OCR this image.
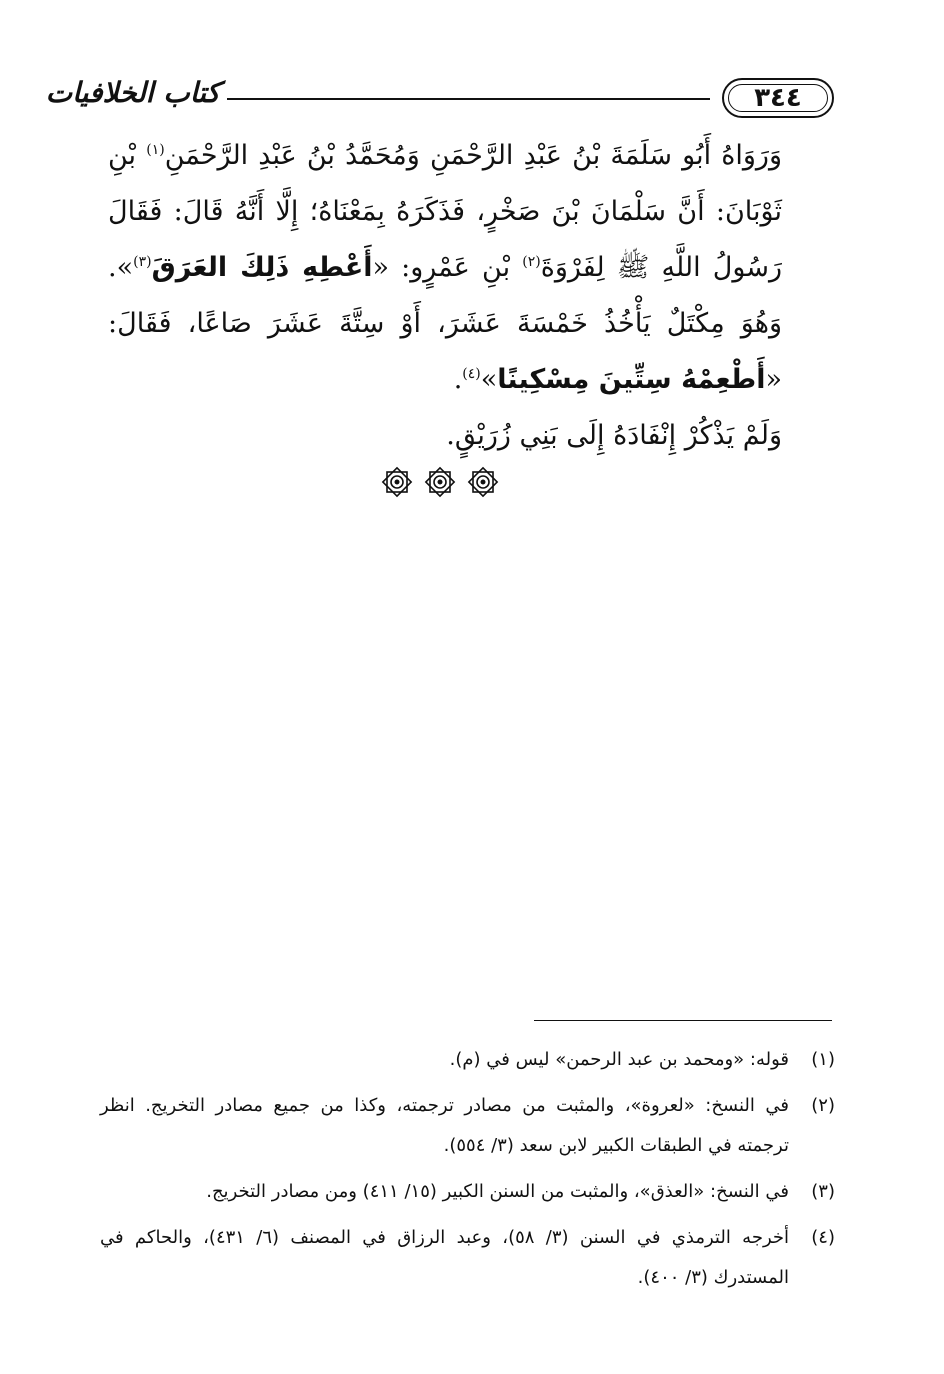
كتاب الخلافيات	٣٤٤

وَرَوَاهُ أَبُو سَلَمَةَ بْنُ عَبْدِ الرَّحْمَنِ وَمُحَمَّدُ بْنُ عَبْدِ الرَّحْمَنِ$^{(١)}$ بْنِ ثَوْبَانَ: أَنَّ سَلْمَانَ بْنَ صَخْرٍ، فَذَكَرَهُ بِمَعْنَاهُ؛ إِلَّا أَنَّهُ قَالَ: فَقَالَ رَسُولُ اللَّهِ ﷺ لِفَرْوَةَ$^{(٢)}$ بْنِ عَمْرٍو: «أَعْطِهِ ذَلِكَ العَرَقَ$^{(٣)}$». وَهُوَ مِكْتَلٌ يَأْخُذُ خَمْسَةَ عَشَرَ، أَوْ سِتَّةَ عَشَرَ صَاعًا، فَقَالَ: «أَطْعِمْهُ سِتِّينَ مِسْكِينًا»$^{(٤)}$.

وَلَمْ يَذْكُرْ إِنْفَادَهُ إِلَى بَنِي زُرَيْقٍ.

(١)
قوله: «ومحمد بن عبد الرحمن» ليس في (م).
(٢)
في النسخ: «لعروة»، والمثبت من مصادر ترجمته، وكذا من جميع مصادر التخريج. انظر ترجمته في الطبقات الكبير لابن سعد (٣/ ٥٥٤).
(٣)
في النسخ: «العذق»، والمثبت من السنن الكبير (١٥/ ٤١١) ومن مصادر التخريج.
(٤)
أخرجه الترمذي في السنن (٣/ ٥٨)، وعبد الرزاق في المصنف (٦/ ٤٣١)، والحاكم في المستدرك (٣/ ٤٠٠).
